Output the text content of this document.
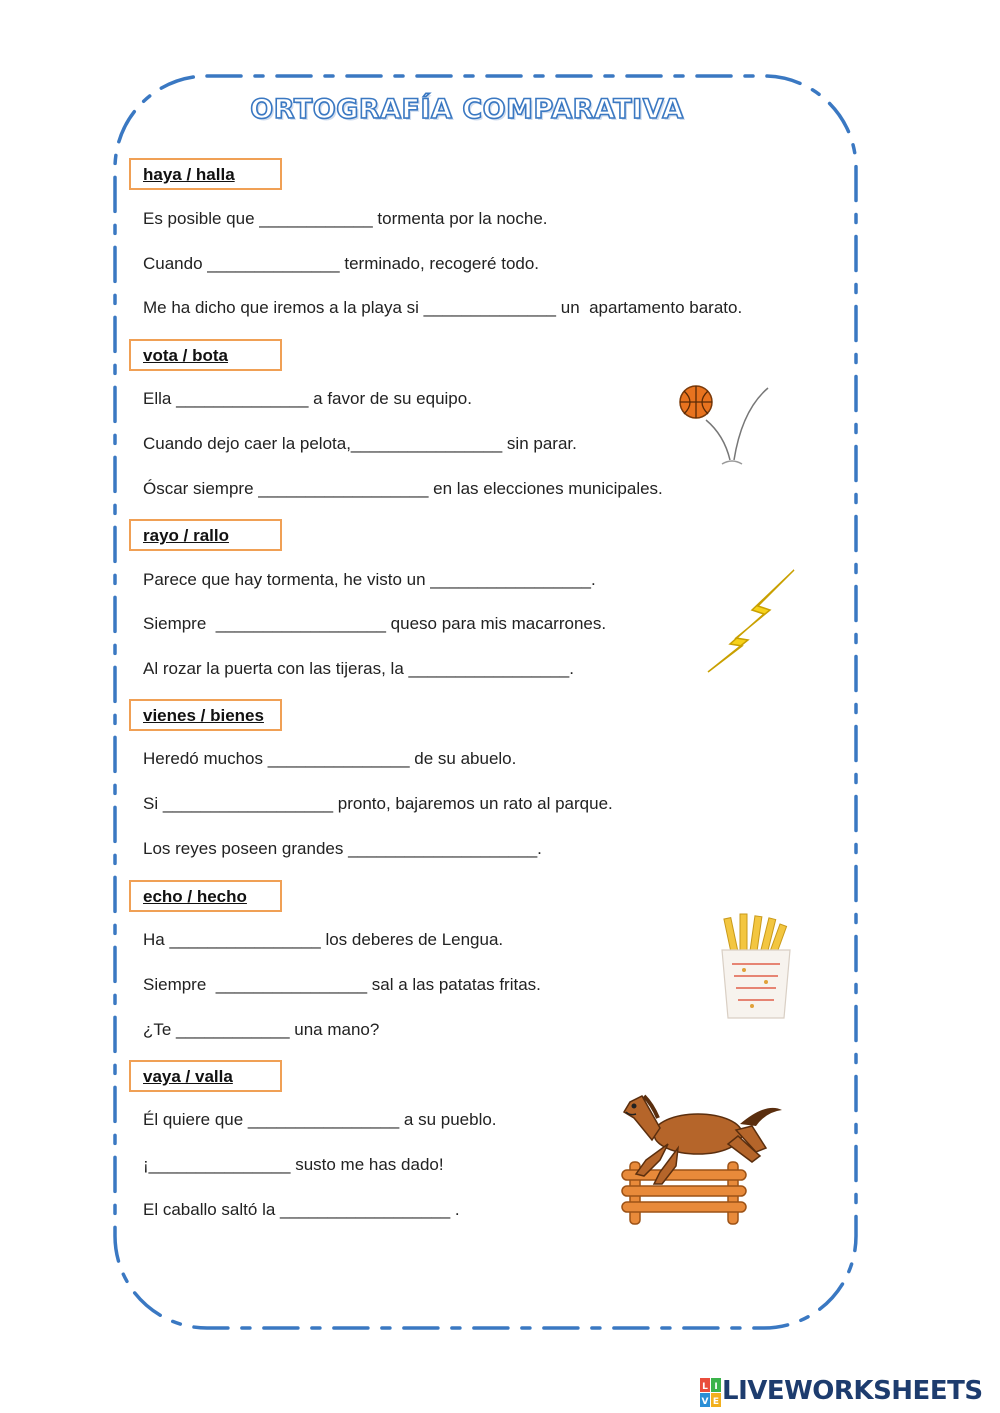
ORTOGRAFÍA COMPARATIVA
haya / halla
Es posible que ____________ tormenta por la noche.
Cuando ______________ terminado, recogeré todo.
Me ha dicho que iremos a la playa si ______________ un  apartamento barato.
vota / bota
Ella ______________ a favor de su equipo.
Cuando dejo caer la pelota,________________ sin parar.
Óscar siempre __________________ en las elecciones municipales.
rayo / rallo
Parece que hay tormenta, he visto un _________________.
Siempre  __________________ queso para mis macarrones.
Al rozar la puerta con las tijeras, la _________________.
vienes / bienes
Heredó muchos _______________ de su abuelo.
Si __________________ pronto, bajaremos un rato al parque.
Los reyes poseen grandes ____________________.
echo / hecho
Ha ________________ los deberes de Lengua.
Siempre  ________________ sal a las patatas fritas.
¿Te ____________ una mano?
vaya / valla
Él quiere que ________________ a su pueblo.
¡_______________ susto me has dado!
El caballo saltó la __________________ .
L I
V E LIVEWORKSHEETS
